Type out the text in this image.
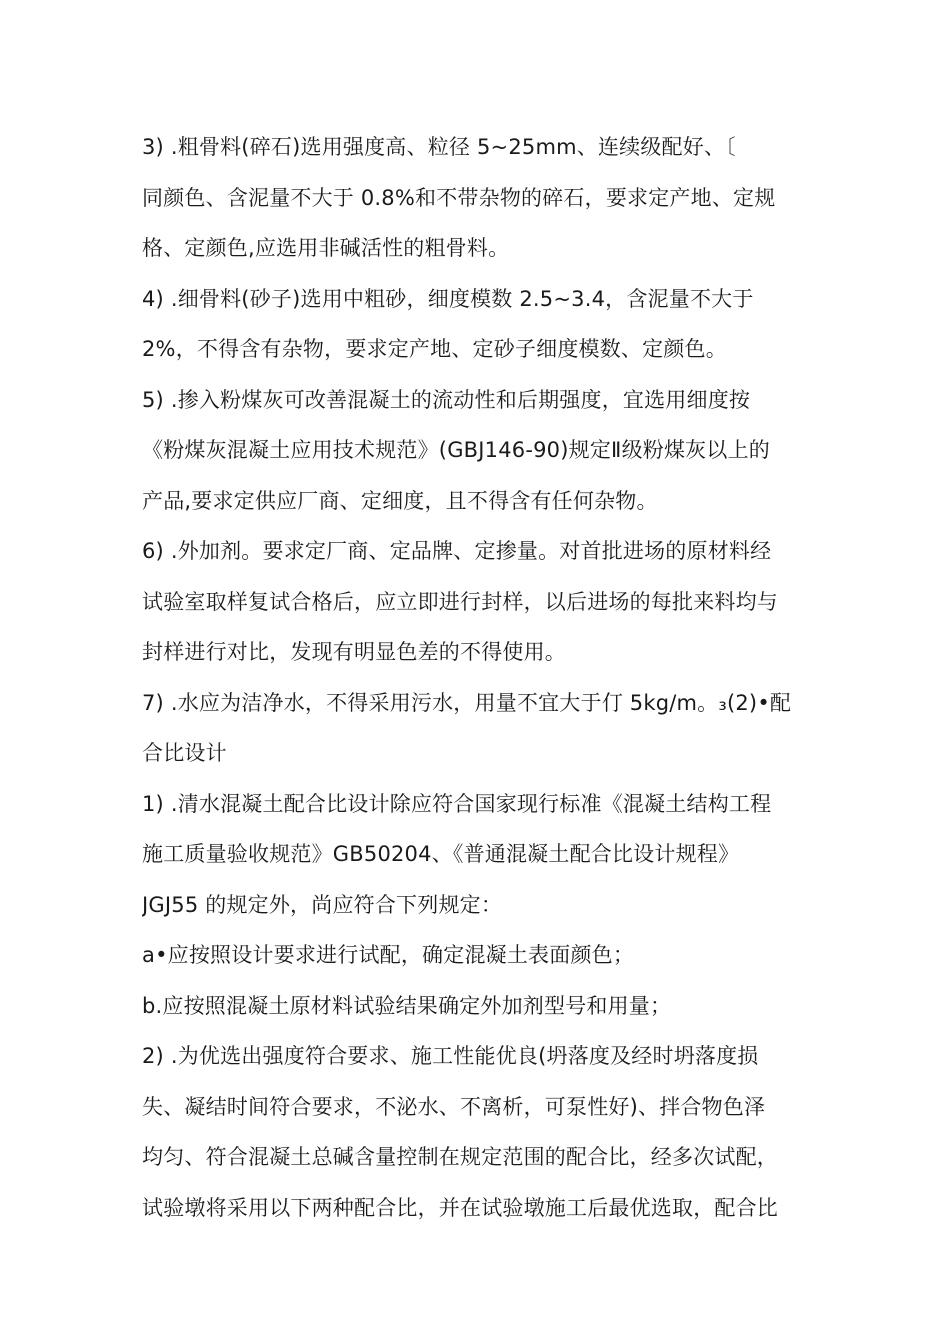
3) .粗骨料(碎石)选用强度高、粒径 5~25mm、连续级配好、〔
同颜色、含泥量不大于 0.8%和不带杂物的碎石，要求定产地、定规
格、定颜色,应选用非碱活性的粗骨料。
4) .细骨料(砂子)选用中粗砂，细度模数 2.5~3.4，含泥量不大于
2%，不得含有杂物，要求定产地、定砂子细度模数、定颜色。
5) .掺入粉煤灰可改善混凝土的流动性和后期强度，宜选用细度按
《粉煤灰混凝土应用技术规范》(GBJ146-90)规定Ⅱ级粉煤灰以上的
产品,要求定供应厂商、定细度，且不得含有任何杂物。
6) .外加剂。要求定厂商、定品牌、定掺量。对首批进场的原材料经
试验室取样复试合格后，应立即进行封样，以后进场的每批来料均与
封样进行对比，发现有明显色差的不得使用。
7) .水应为洁净水，不得采用污水，用量不宜大于仃 5kg/m。₃(2)•配
合比设计
1) .清水混凝土配合比设计除应符合国家现行标准《混凝土结构工程
施工质量验收规范》GB50204、《普通混凝土配合比设计规程》
JGJ55 的规定外，尚应符合下列规定：
a•应按照设计要求进行试配，确定混凝土表面颜色；
b.应按照混凝土原材料试验结果确定外加剂型号和用量；
2) .为优选出强度符合要求、施工性能优良(坍落度及经时坍落度损
失、凝结时间符合要求，不泌水、不离析，可泵性好)、拌合物色泽
均匀、符合混凝土总碱含量控制在规定范围的配合比，经多次试配，
试验墩将采用以下两种配合比，并在试验墩施工后最优选取，配合比
